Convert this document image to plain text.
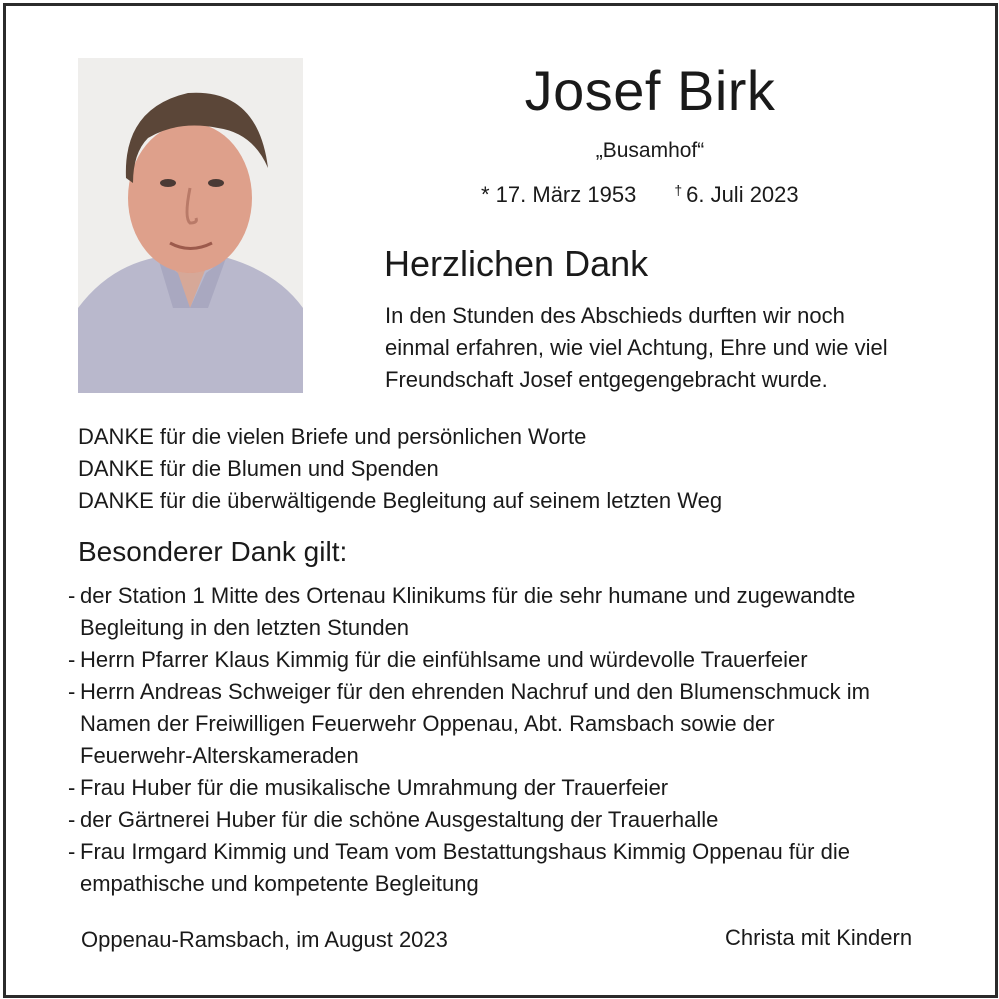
Josef Birk
„Busamhof“
* 17. März 1953	† 6. Juli 2023
Herzlichen Dank
In den Stunden des Abschieds durften wir noch
einmal erfahren, wie viel Achtung, Ehre und wie viel
Freundschaft Josef entgegengebracht wurde.
DANKE für die vielen Briefe und persönlichen Worte
DANKE für die Blumen und Spenden
DANKE für die überwältigende Begleitung auf seinem letzten Weg
Besonderer Dank gilt:
- der Station 1 Mitte des Ortenau Klinikums für die sehr humane und zugewandte
Begleitung in den letzten Stunden
- Herrn Pfarrer Klaus Kimmig für die einfühlsame und würdevolle Trauerfeier
- Herrn Andreas Schweiger für den ehrenden Nachruf und den Blumenschmuck im
Namen der Freiwilligen Feuerwehr Oppenau, Abt. Ramsbach sowie der
Feuerwehr-Alterskameraden
- Frau Huber für die musikalische Umrahmung der Trauerfeier
- der Gärtnerei Huber für die schöne Ausgestaltung der Trauerhalle
- Frau Irmgard Kimmig und Team vom Bestattungshaus Kimmig Oppenau für die
empathische und kompetente Begleitung
Oppenau-Ramsbach, im August 2023	Christa mit Kindern
